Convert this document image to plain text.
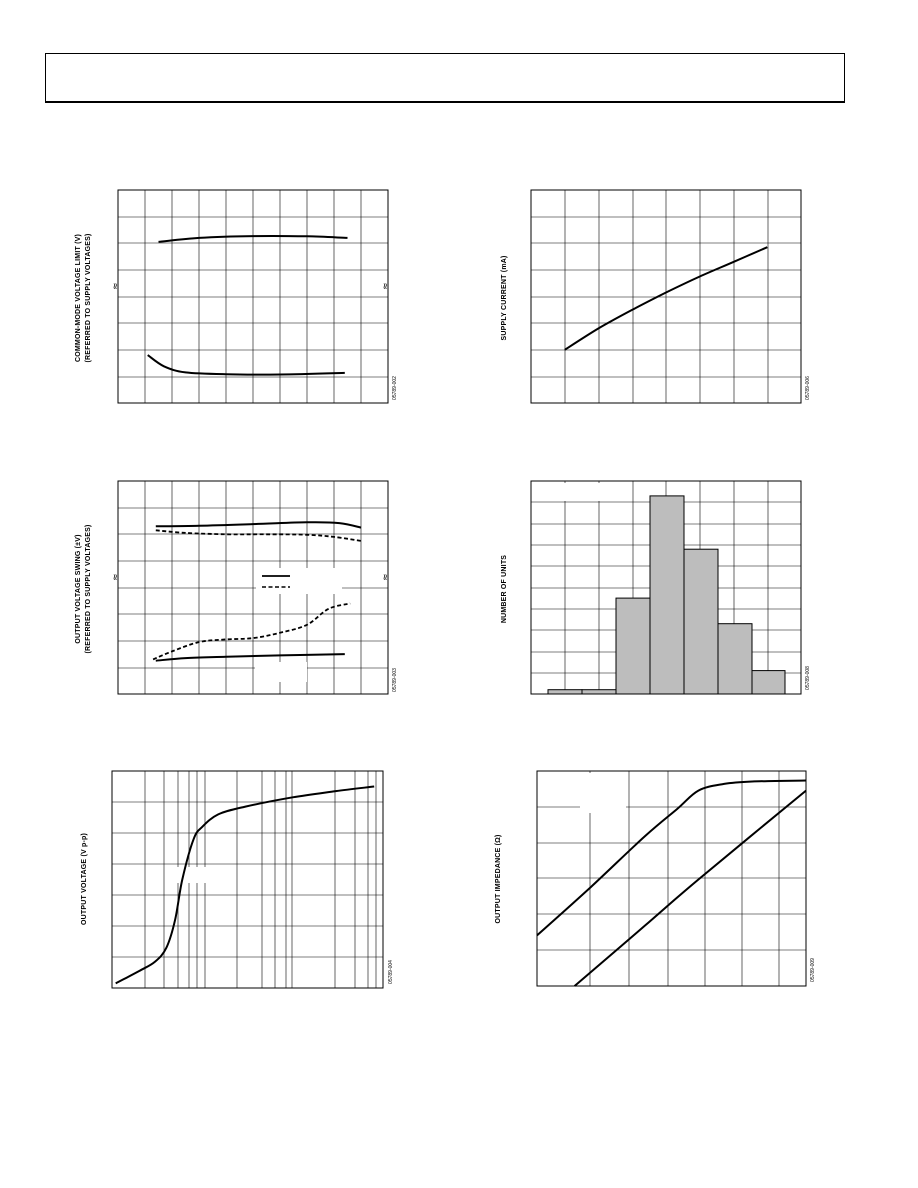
≈	≈
COMMON-MODE VOLTAGE LIMIT (V) (REFERRED TO SUPPLY VOLTAGES)
05789-002
SUPPLY CURRENT (mA)
05789-006
≈	≈
OUTPUT VOLTAGE SWING (±V) (REFERRED TO SUPPLY VOLTAGES)
05789-003
NUMBER OF UNITS
05789-008
OUTPUT VOLTAGE (V p-p)
05789-004
OUTPUT IMPEDANCE (Ω)
05789-009
